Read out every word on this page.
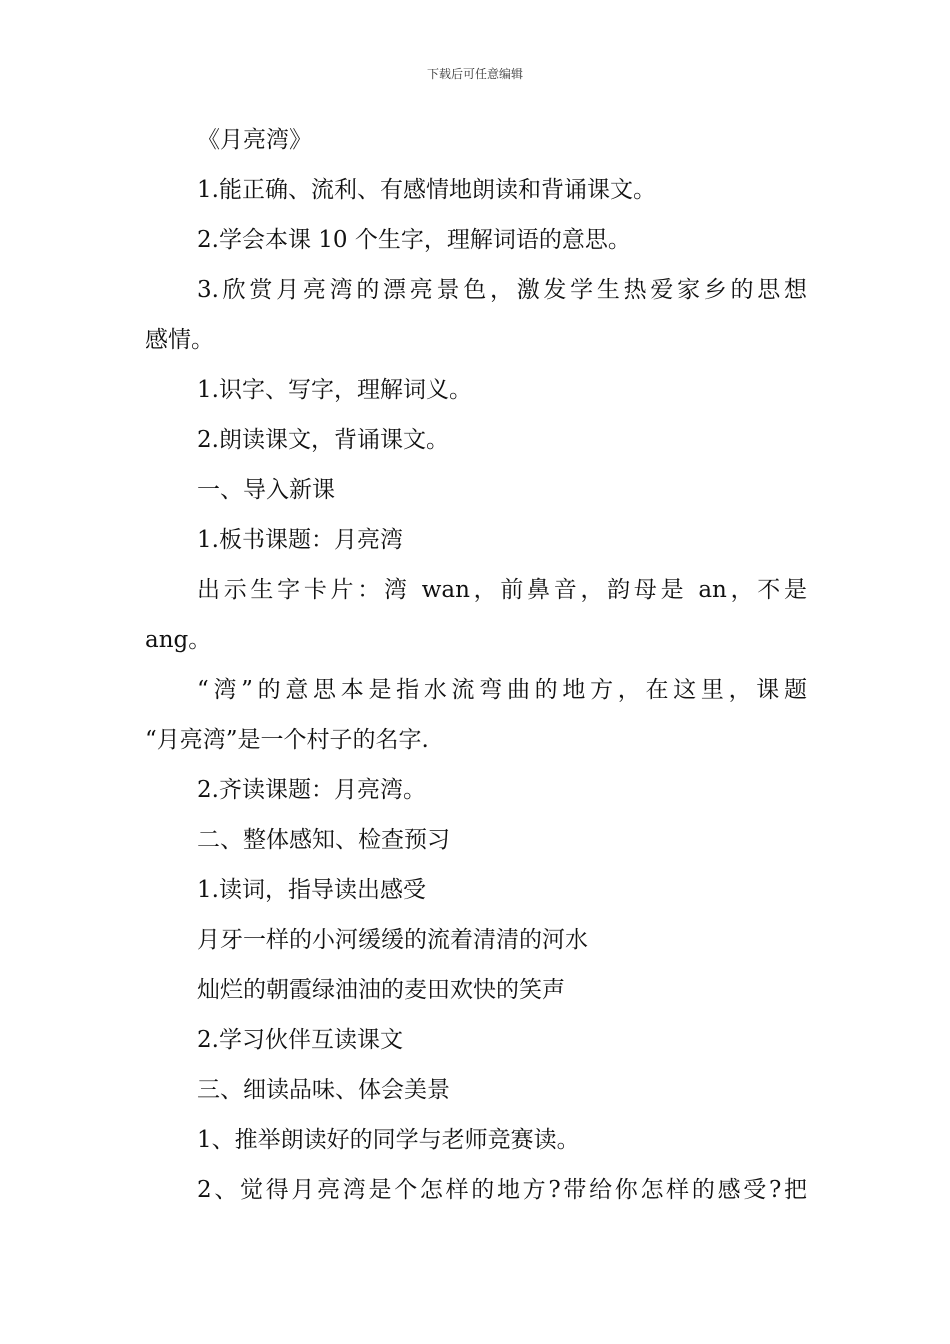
下载后可任意编辑

《月亮湾》

1.能正确、流利、有感情地朗读和背诵课文。

2.学会本课 10 个生字，理解词语的意思。

3.欣赏月亮湾的漂亮景色，激发学生热爱家乡的思想

感情。

1.识字、写字，理解词义。

2.朗读课文，背诵课文。

一、导入新课

1.板书课题：月亮湾

出示生字卡片：湾 wan，前鼻音，韵母是 an，不是

ang。

“湾”的意思本是指水流弯曲的地方，在这里，课题

“月亮湾”是一个村子的名字.

2.齐读课题：月亮湾。

二、整体感知、检查预习

1.读词，指导读出感受

月牙一样的小河缓缓的流着清清的河水

灿烂的朝霞绿油油的麦田欢快的笑声

2.学习伙伴互读课文

三、细读品味、体会美景

1、推举朗读好的同学与老师竞赛读。

2、觉得月亮湾是个怎样的地方?带给你怎样的感受?把
